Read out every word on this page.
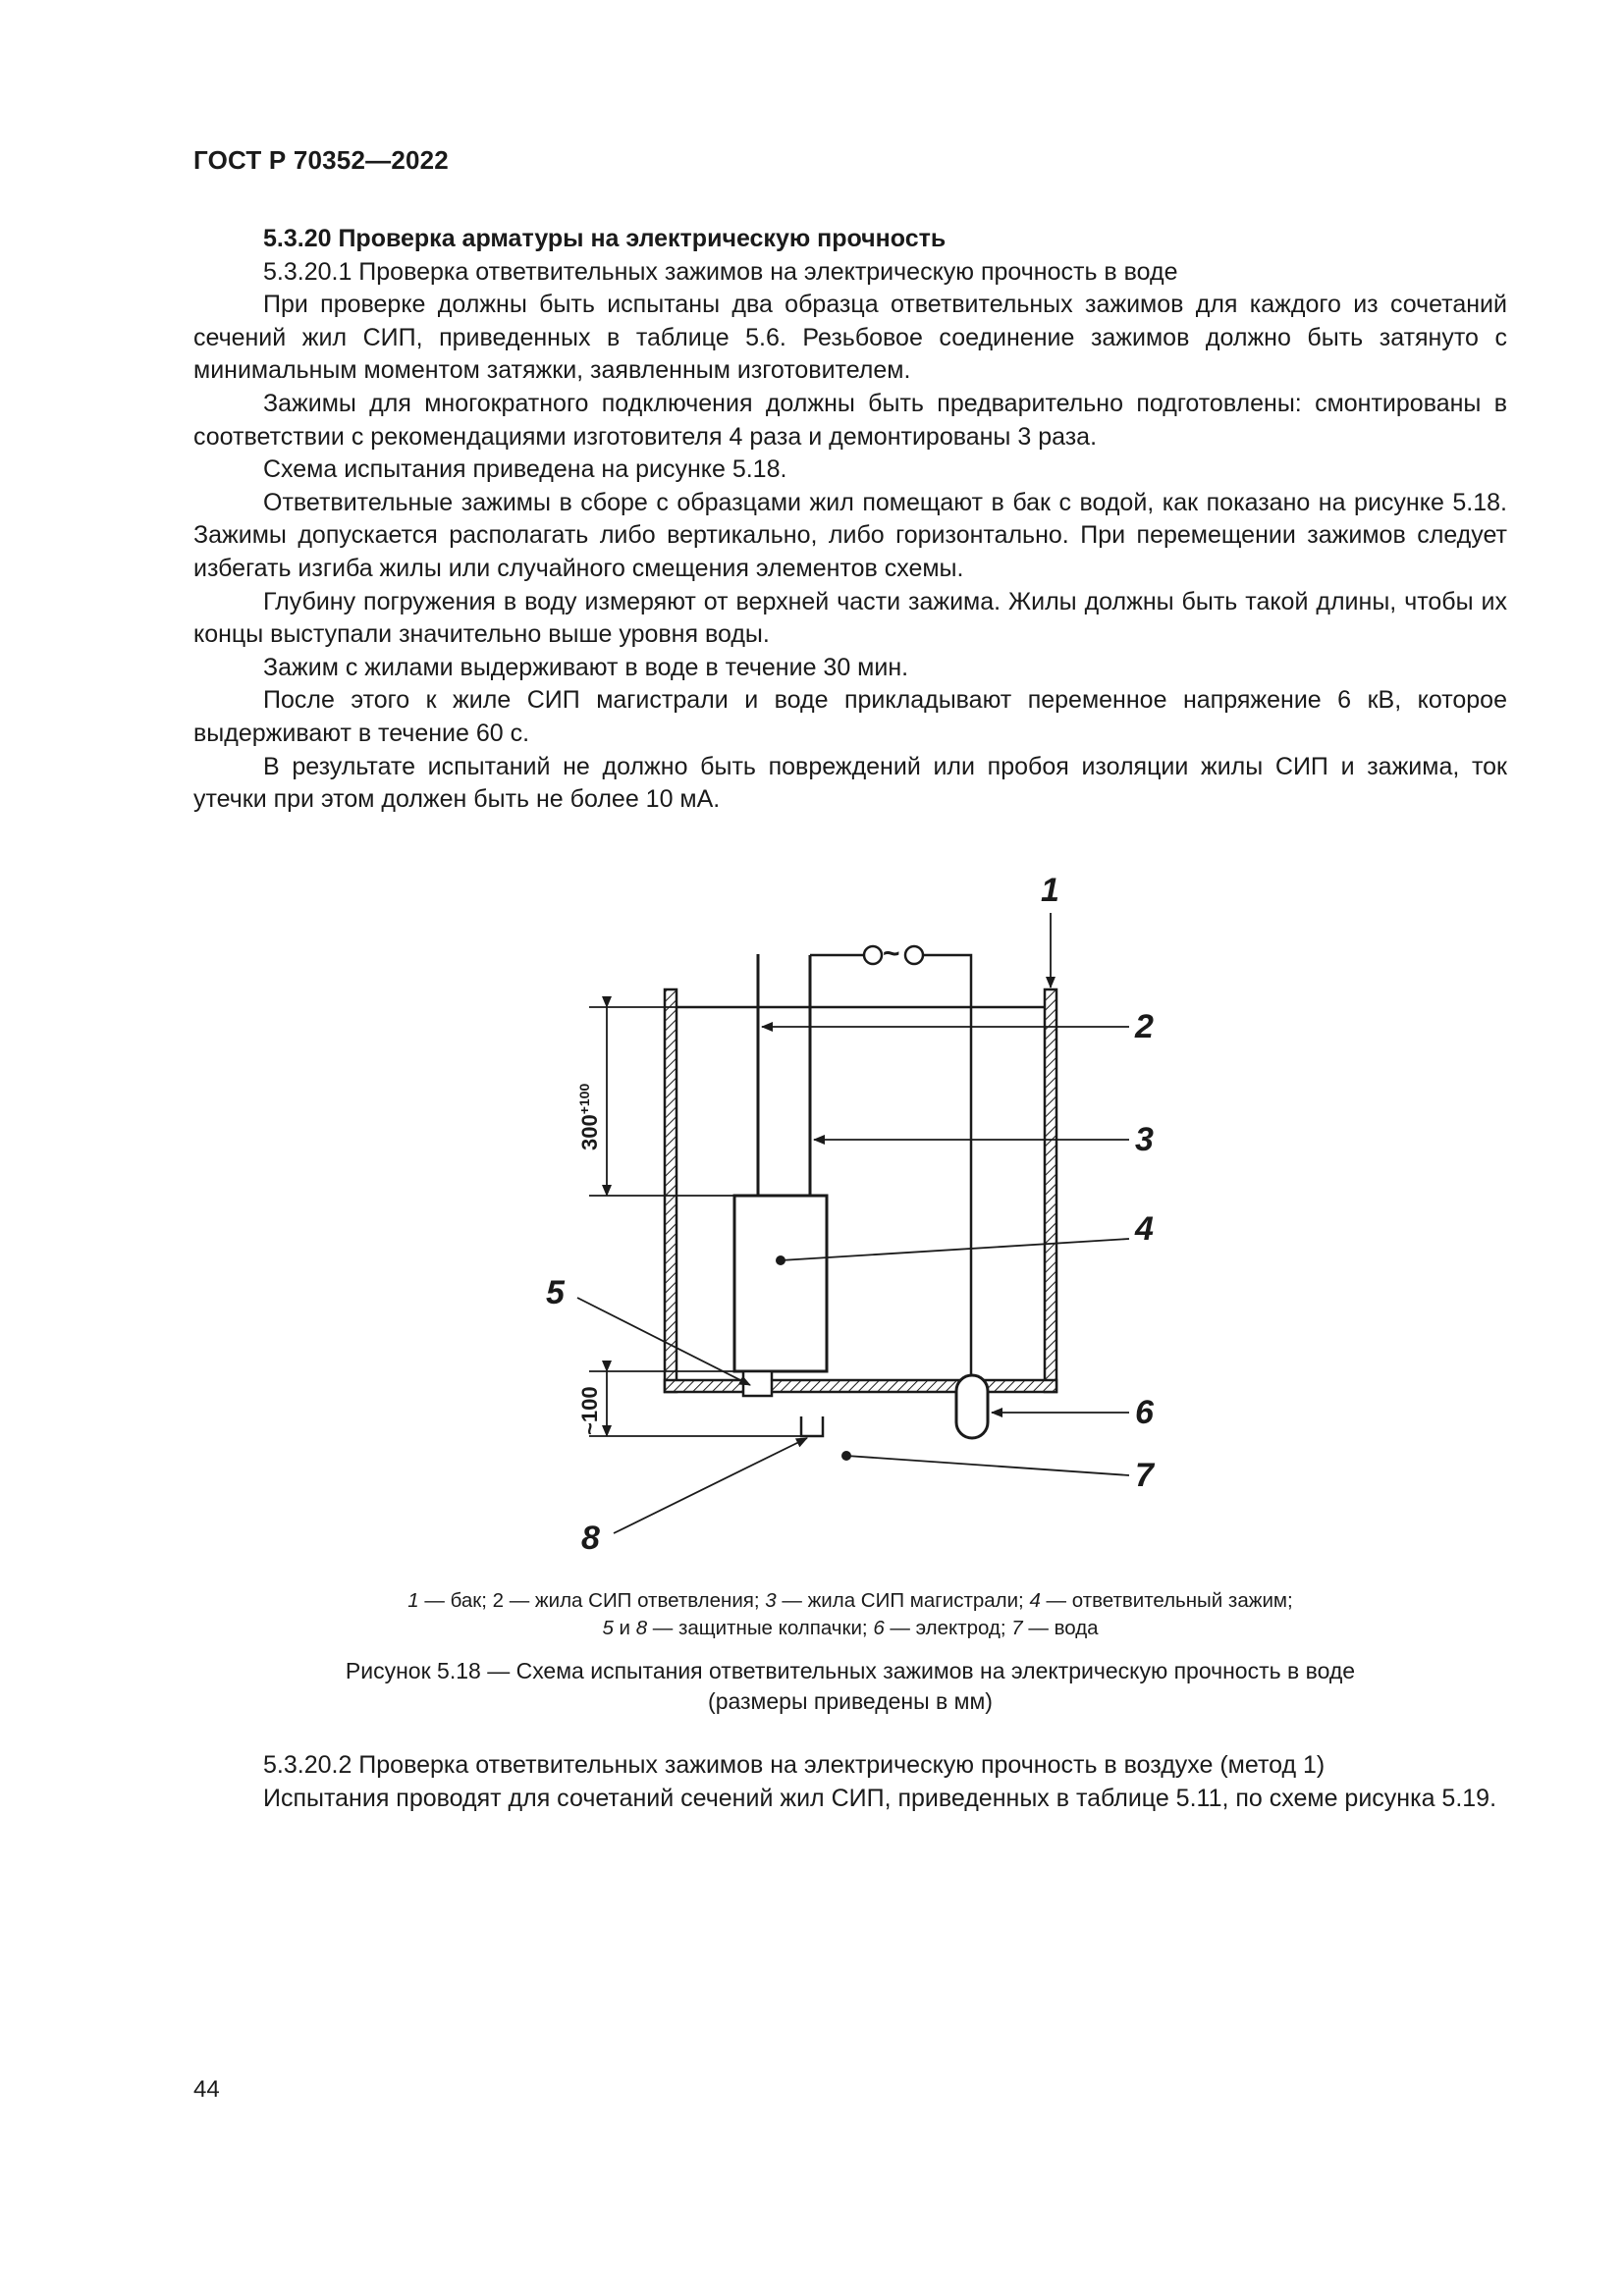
ГОСТ Р 70352—2022

5.3.20 Проверка арматуры на электрическую прочность

5.3.20.1 Проверка ответвительных зажимов на электрическую прочность в воде

При проверке должны быть испытаны два образца ответвительных зажимов для каждого из сочетаний сечений жил СИП, приведенных в таблице 5.6. Резьбовое соединение зажимов должно быть затянуто с минимальным моментом затяжки, заявленным изготовителем.

Зажимы для многократного подключения должны быть предварительно подготовлены: смонтированы в соответствии с рекомендациями изготовителя 4 раза и демонтированы 3 раза.

Схема испытания приведена на рисунке 5.18.

Ответвительные зажимы в сборе с образцами жил помещают в бак с водой, как показано на рисунке 5.18. Зажимы допускается располагать либо вертикально, либо горизонтально. При перемещении зажимов следует избегать изгиба жилы или случайного смещения элементов схемы.

Глубину погружения в воду измеряют от верхней части зажима. Жилы должны быть такой длины, чтобы их концы выступали значительно выше уровня воды.

Зажим с жилами выдерживают в воде в течение 30 мин.

После этого к жиле СИП магистрали и воде прикладывают переменное напряжение 6 кВ, которое выдерживают в течение 60 с.

В результате испытаний не должно быть повреждений или пробоя изоляции жилы СИП и зажима, ток утечки при этом должен быть не более 10 мА.

~
1
2
3
4
5
6
7
8
$300^{+100}$
~100
1 — бак; 2 — жила СИП ответвления; 3 — жила СИП магистрали; 4 — ответвительный зажим;
5 и 8 — защитные колпачки; 6 — электрод; 7 — вода
Рисунок 5.18 — Схема испытания ответвительных зажимов на электрическую прочность в воде
(размеры приведены в мм)

5.3.20.2 Проверка ответвительных зажимов на электрическую прочность в воздухе (метод 1)

Испытания проводят для сочетаний сечений жил СИП, приведенных в таблице 5.11, по схеме рисунка 5.19.

44
